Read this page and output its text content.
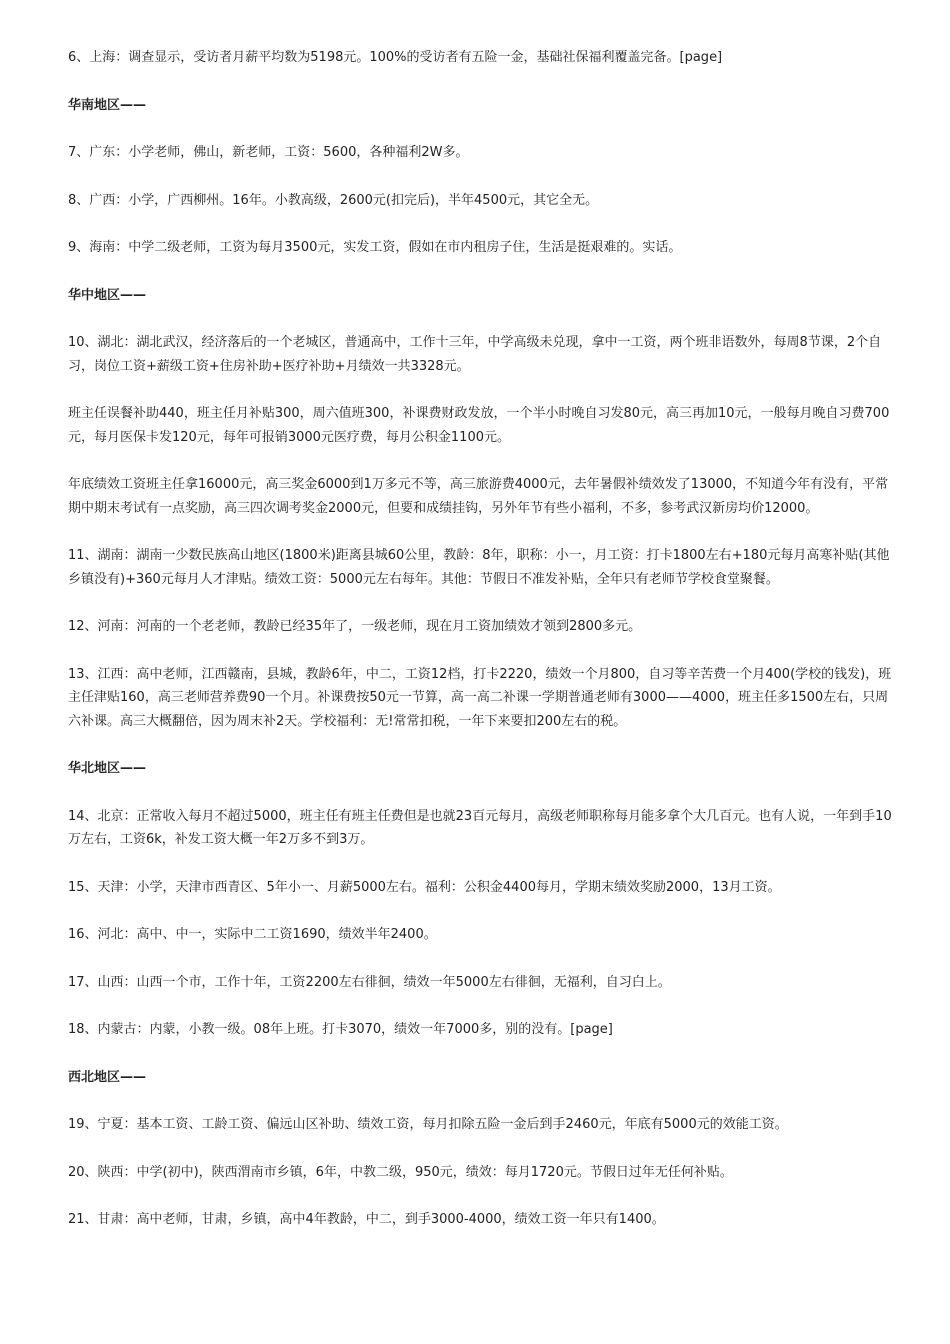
6、上海：调查显示，受访者月薪平均数为5198元。100%的受访者有五险一金，基础社保福利覆盖完备。[page]

华南地区——

7、广东：小学老师，佛山，新老师，工资：5600，各种福利2W多。

8、广西：小学，广西柳州。16年。小教高级，2600元(扣完后)，半年4500元，其它全无。

9、海南：中学二级老师，工资为每月3500元，实发工资，假如在市内租房子住，生活是挺艰难的。实话。

华中地区——

10、湖北：湖北武汉，经济落后的一个老城区，普通高中，工作十三年，中学高级未兑现，拿中一工资，两个班非语数外，每周8节课，2个自习，岗位工资+薪级工资+住房补助+医疗补助+月绩效一共3328元。

班主任误餐补助440，班主任月补贴300，周六值班300，补课费财政发放，一个半小时晚自习发80元，高三再加10元，一般每月晚自习费700元，每月医保卡发120元，每年可报销3000元医疗费，每月公积金1100元。

年底绩效工资班主任拿16000元，高三奖金6000到1万多元不等，高三旅游费4000元，去年暑假补绩效发了13000，不知道今年有没有，平常期中期末考试有一点奖励，高三四次调考奖金2000元，但要和成绩挂钩，另外年节有些小福利，不多，参考武汉新房均价12000。

11、湖南：湖南一少数民族高山地区(1800米)距离县城60公里，教龄：8年，职称：小一，月工资：打卡1800左右+180元每月高寒补贴(其他乡镇没有)+360元每月人才津贴。绩效工资：5000元左右每年。其他：节假日不准发补贴，全年只有老师节学校食堂聚餐。

12、河南：河南的一个老老师，教龄已经35年了，一级老师，现在月工资加绩效才领到2800多元。

13、江西：高中老师，江西赣南，县城，教龄6年，中二，工资12档，打卡2220，绩效一个月800，自习等辛苦费一个月400(学校的钱发)，班主任津贴160，高三老师营养费90一个月。补课费按50元一节算，高一高二补课一学期普通老师有3000——4000，班主任多1500左右，只周六补课。高三大概翻倍，因为周末补2天。学校福利：无!常常扣税，一年下来要扣200左右的税。

华北地区——

14、北京：正常收入每月不超过5000，班主任有班主任费但是也就23百元每月，高级老师职称每月能多拿个大几百元。也有人说，一年到手10万左右，工资6k，补发工资大概一年2万多不到3万。

15、天津：小学，天津市西青区、5年小一、月薪5000左右。福利：公积金4400每月，学期末绩效奖励2000，13月工资。

16、河北：高中、中一，实际中二工资1690，绩效半年2400。

17、山西：山西一个市，工作十年，工资2200左右徘徊，绩效一年5000左右徘徊，无福利，自习白上。

18、内蒙古：内蒙，小教一级。08年上班。打卡3070，绩效一年7000多，别的没有。[page]

西北地区——

19、宁夏：基本工资、工龄工资、偏远山区补助、绩效工资，每月扣除五险一金后到手2460元，年底有5000元的效能工资。

20、陕西：中学(初中)，陕西渭南市乡镇，6年，中教二级，950元，绩效：每月1720元。节假日过年无任何补贴。

21、甘肃：高中老师，甘肃，乡镇，高中4年教龄，中二，到手3000-4000，绩效工资一年只有1400。
